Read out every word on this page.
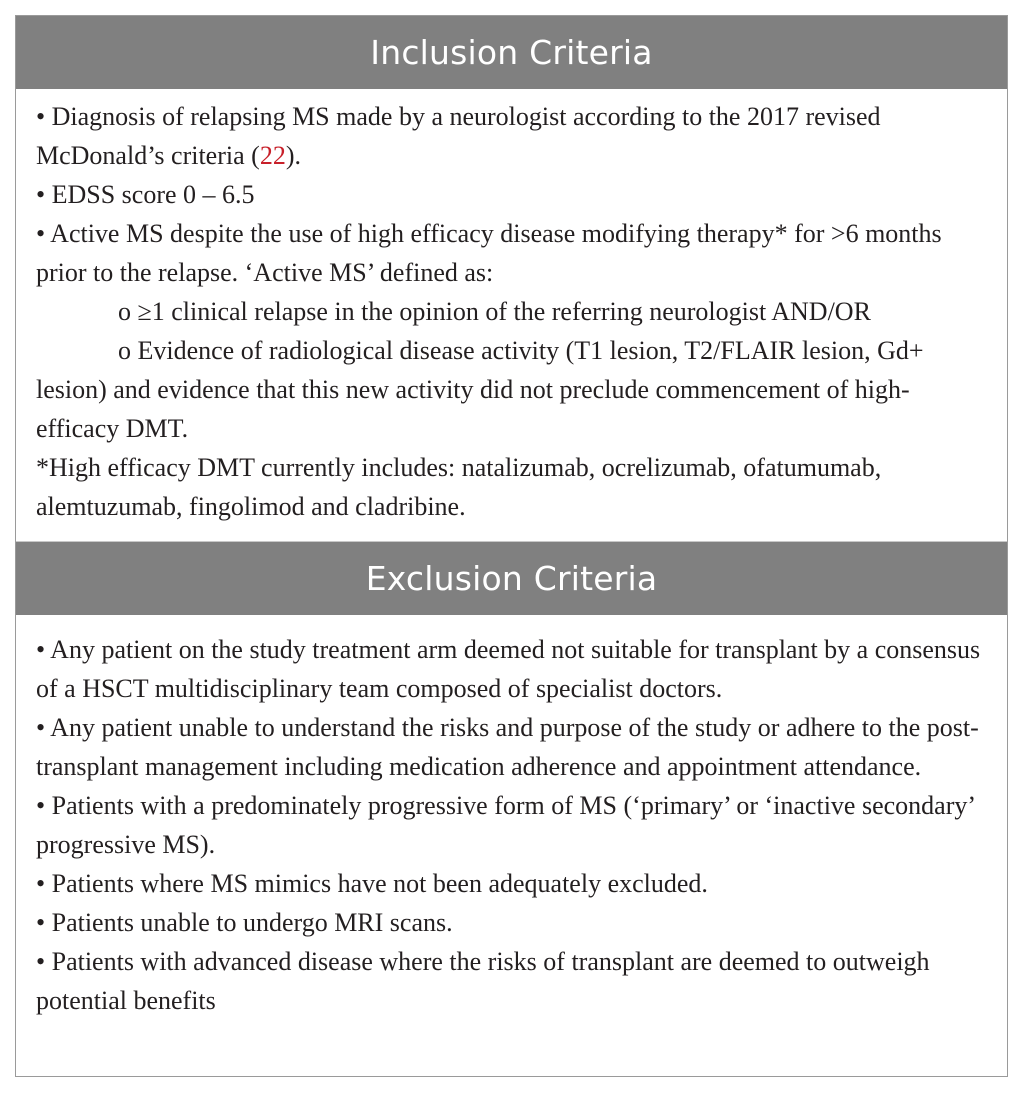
Inclusion Criteria
• Diagnosis of relapsing MS made by a neurologist according to the 2017 revised McDonald’s criteria (22).
• EDSS score 0 – 6.5
• Active MS despite the use of high efficacy disease modifying therapy* for >6 months prior to the relapse. ‘Active MS’ defined as:
o ≥1 clinical relapse in the opinion of the referring neurologist AND/OR
o Evidence of radiological disease activity (T1 lesion, T2/FLAIR lesion, Gd+ lesion) and evidence that this new activity did not preclude commencement of high-efficacy DMT.
*High efficacy DMT currently includes: natalizumab, ocrelizumab, ofatumumab, alemtuzumab, fingolimod and cladribine.
Exclusion Criteria
• Any patient on the study treatment arm deemed not suitable for transplant by a consensus of a HSCT multidisciplinary team composed of specialist doctors.
• Any patient unable to understand the risks and purpose of the study or adhere to the post-transplant management including medication adherence and appointment attendance.
• Patients with a predominately progressive form of MS (‘primary’ or ‘inactive secondary’ progressive MS).
• Patients where MS mimics have not been adequately excluded.
• Patients unable to undergo MRI scans.
• Patients with advanced disease where the risks of transplant are deemed to outweigh potential benefits
